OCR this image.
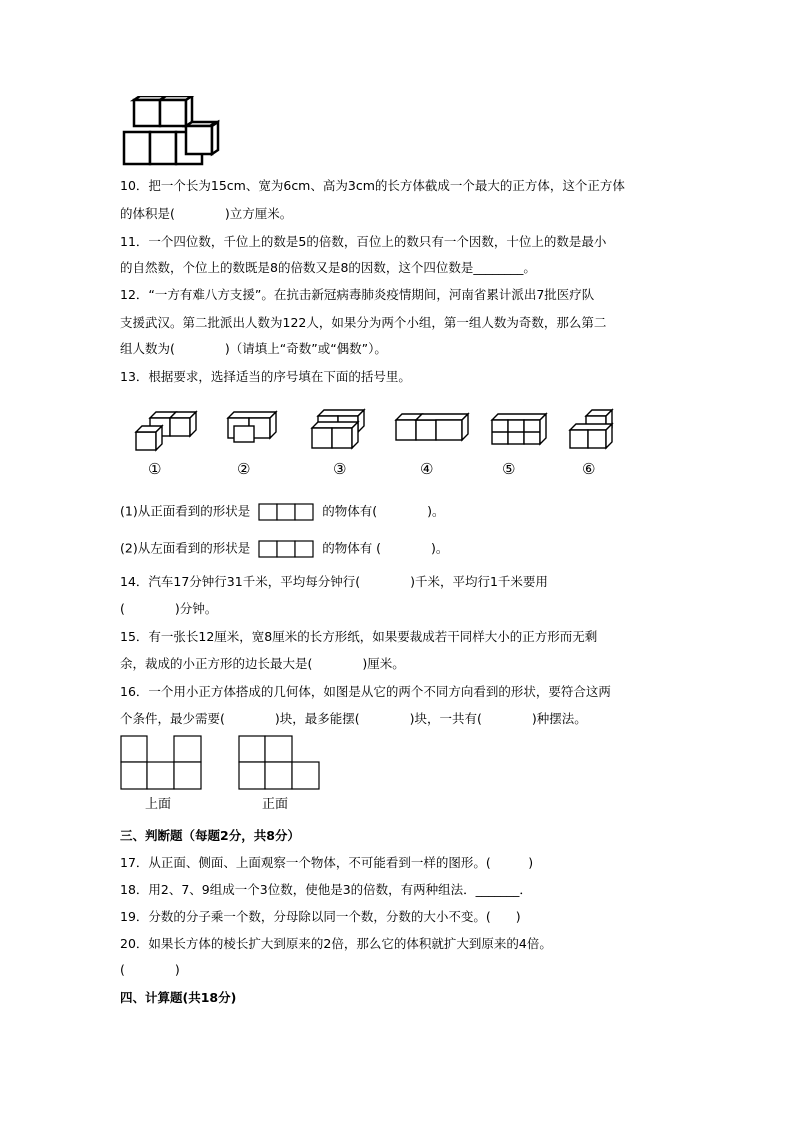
10．把一个长为15cm、宽为6cm、高为3cm的长方体截成一个最大的正方体，这个正方体
的体积是(　　　　)立方厘米。
11．一个四位数，千位上的数是5的倍数，百位上的数只有一个因数，十位上的数是最小
的自然数，个位上的数既是8的倍数又是8的因数，这个四位数是________。
12．“一方有难八方支援”。在抗击新冠病毒肺炎疫情期间，河南省累计派出7批医疗队
支援武汉。第二批派出人数为122人，如果分为两个小组，第一组人数为奇数，那么第二
组人数为(　　　　)（请填上“奇数”或“偶数”）。
13．根据要求，选择适当的序号填在下面的括号里。
①	②	③	④	⑤	⑥
(1)从正面看到的形状是	的物体有(　　　　)。
(2)从左面看到的形状是	的物体有 (　　　　)。
14．汽车17分钟行31千米，平均每分钟行(　　　　)千米，平均行1千米要用
(　　　　)分钟。
15．有一张长12厘米，宽8厘米的长方形纸，如果要裁成若干同样大小的正方形而无剩
余，裁成的小正方形的边长最大是(　　　　)厘米。
16．一个用小正方体搭成的几何体，如图是从它的两个不同方向看到的形状，要符合这两
个条件，最少需要(　　　　)块，最多能摆(　　　　)块，一共有(　　　　)种摆法。
上面	正面
三、判断题（每题2分，共8分）
17．从正面、侧面、上面观察一个物体，不可能看到一样的图形。(　　　)
18．用2、7、9组成一个3位数，使他是3的倍数，有两种组法．_______．
19．分数的分子乘一个数，分母除以同一个数，分数的大小不变。(　　)
20．如果长方体的棱长扩大到原来的2倍，那么它的体积就扩大到原来的4倍。
(　　　　)
四、计算题(共18分)
